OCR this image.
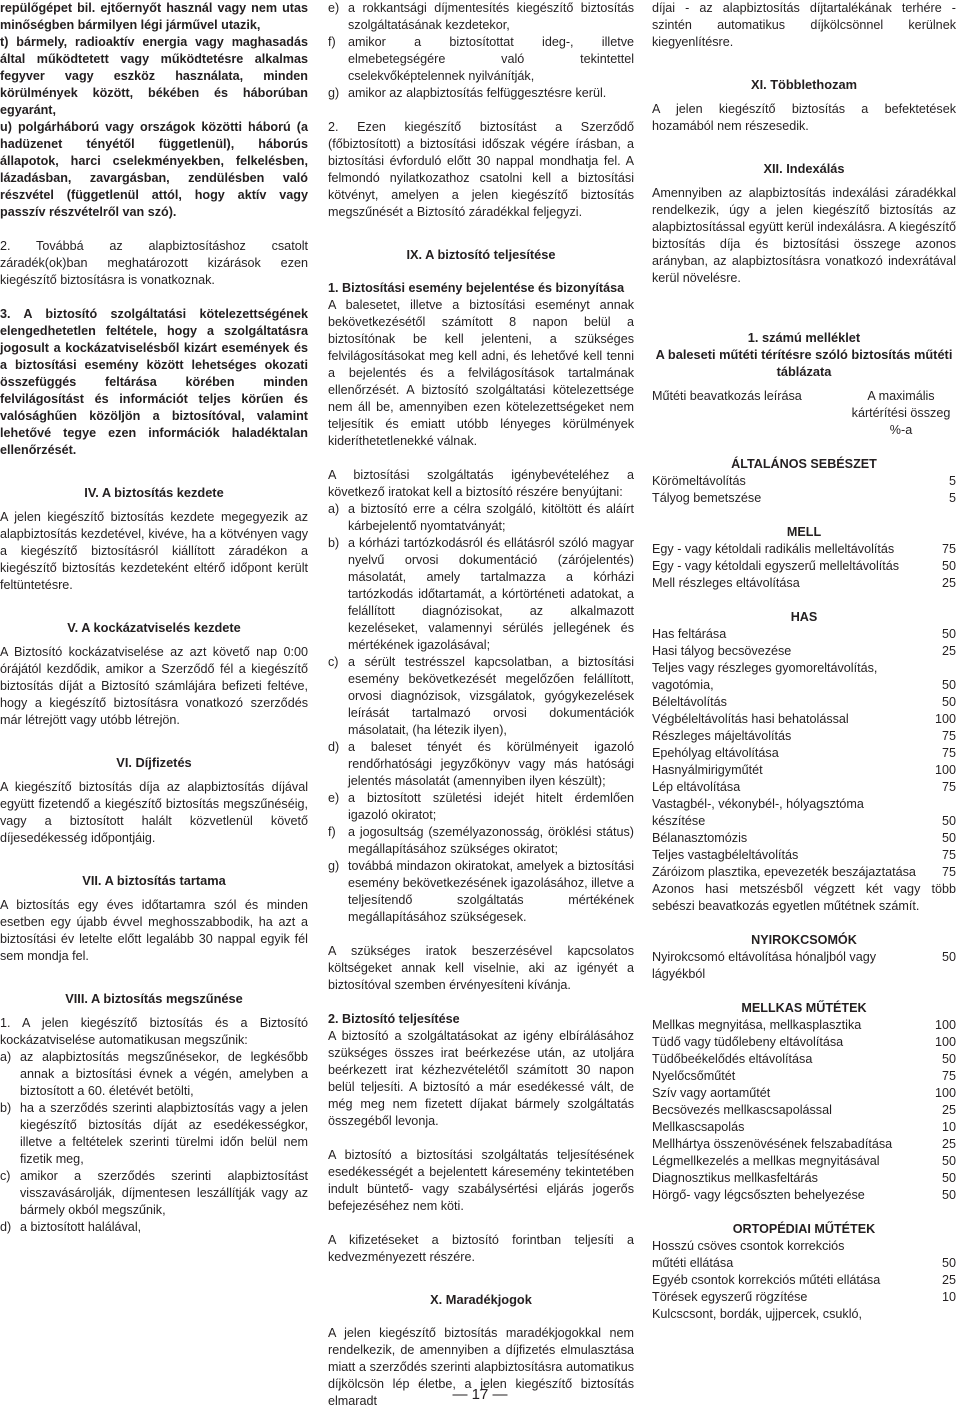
repülőgépet bil. ejtőernyőt használ vagy nem utas minőségben bármilyen légi járművel utazik,

t) bármely, radioaktív energia vagy maghasadás által működtetett vagy működtetésre alkalmas fegyver vagy eszköz használata, minden körülmények között, békében és háborúban egyaránt,

u) polgárháború vagy országok közötti háború (a hadüzenet tényétől függetlenül), háborús állapotok, harci cselekményekben, felkelésben, lázadásban, zavargásban, zendülésben való részvétel (függetlenül attól, hogy aktív vagy passzív részvételről van szó).

2. Továbbá az alapbiztosításhoz csatolt záradék(ok)ban meghatározott kizárások ezen kiegészítő biztosításra is vonatkoznak.

3. A biztosító szolgáltatási kötelezettségének elengedhetetlen feltétele, hogy a szolgáltatásra jogosult a kockázatviselésből kizárt események és a biztosítási esemény között lehetséges okozati összefüggés feltárása körében minden felvilágosítást és információt teljes körűen és valósághűen közöljön a biztosítóval, valamint lehetővé tegye ezen információk haladéktalan ellenőrzését.

IV. A biztosítás kezdete

A jelen kiegészítő biztosítás kezdete megegyezik az alapbiztosítás kezdetével, kivéve, ha a kötvényen vagy a kiegészítő biztosításról kiállított záradékon a kiegészítő biztosítás kezdeteként eltérő időpont került feltüntetésre.

V. A kockázatviselés kezdete

A Biztosító kockázatviselése az azt követő nap 0:00 órájától kezdődik, amikor a Szerződő fél a kiegészítő biztosítás díját a Biztosító számlájára befizeti feltéve, hogy a kiegészítő biztosításra vonatkozó szerződés már létrejött vagy utóbb létrejön.

VI. Díjfizetés

A kiegészítő biztosítás díja az alapbiztosítás díjával együtt fizetendő a kiegészítő biztosítás megszűnéséig, vagy a biztosított halált közvetlenül követő díjesedékesség időpontjáig.

VII. A biztosítás tartama

A biztosítás egy éves időtartamra szól és minden esetben egy újabb évvel meghosszabbodik, ha azt a biztosítási év letelte előtt legalább 30 nappal egyik fél sem mondja fel.

VIII. A biztosítás megszűnése

1. A jelen kiegészítő biztosítás és a Biztosító kockázatviselése automatikusan megszűnik:

a) az alapbiztosítás megszűnésekor, de legkésőbb annak a biztosítási évnek a végén, amelyben a biztosított a 60. életévét betölti,
b) ha a szerződés szerinti alapbiztosítás vagy a jelen kiegészítő biztosítás díját az esedékességkor, illetve a feltételek szerinti türelmi időn belül nem fizetik meg,
c) amikor a szerződés szerinti alapbiztosítást visszavásárolják, díjmentesen leszállítják vagy az bármely okból megszűnik,
d) a biztosított halálával,
e) a rokkantsági díjmentesítés kiegészítő biztosítás szolgáltatásának kezdetekor,
f) amikor a biztosítottat ideg-, illetve elmebetegségére való tekintettel cselekvőképtelennek nyilvánítják,
g) amikor az alapbiztosítás felfüggesztésre kerül.

2. Ezen kiegészítő biztosítást a Szerződő (főbiztosított) a biztosítási időszak végére írásban, a biztosítási évforduló előtt 30 nappal mondhatja fel. A felmondó nyilatkozathoz csatolni kell a biztosítási kötvényt, amelyen a jelen kiegészítő biztosítás megszűnését a Biztosító záradékkal feljegyzi.

IX. A biztosító teljesítése

1. Biztosítási esemény bejelentése és bizonyítása

A balesetet, illetve a biztosítási eseményt annak bekövetkezésétől számított 8 napon belül a biztosítónak be kell jelenteni, a szükséges felvilágosításokat meg kell adni, és lehetővé kell tenni a bejelentés és a felvilágosítások tartalmának ellenőrzését. A biztosító szolgáltatási kötelezettsége nem áll be, amennyiben ezen kötelezettségeket nem teljesítik és emiatt utóbb lényeges körülmények kideríthetetlenekké válnak.

A biztosítási szolgáltatás igénybevételéhez a következő iratokat kell a biztosító részére benyújtani:

a) a biztosító erre a célra szolgáló, kitöltött és aláírt kárbejelentő nyomtatványát;
b) a kórházi tartózkodásról és ellátásról szóló magyar nyelvű orvosi dokumentáció (zárójelentés) másolatát, amely tartalmazza a kórházi tartózkodás időtartamát, a kórtörténeti adatokat, a felállított diagnózisokat, az alkalmazott kezeléseket, valamennyi sérülés jellegének és mértékének igazolásával;
c) a sérült testrésszel kapcsolatban, a biztosítási esemény bekövetkezését megelőzően felállított, orvosi diagnózisok, vizsgálatok, gyógykezelések leírását tartalmazó orvosi dokumentációk másolatait, (ha létezik ilyen),
d) a baleset tényét és körülményeit igazoló rendőrhatósági jegyzőkönyv vagy más hatósági jelentés másolatát (amennyiben ilyen készült);
e) a biztosított születési idejét hitelt érdemlően igazoló okiratot;
f) a jogosultság (személyazonosság, öröklési státus) megállapításához szükséges okiratot;
g) továbbá mindazon okiratokat, amelyek a biztosítási esemény bekövetkezésének igazolásához, illetve a teljesítendő szolgáltatás mértékének megállapításához szükségesek.

A szükséges iratok beszerzésével kapcsolatos költségeket annak kell viselnie, aki az igényét a biztosítóval szemben érvényesíteni kívánja.

2. Biztosító teljesítése

A biztosító a szolgáltatásokat az igény elbírálásához szükséges összes irat beérkezése után, az utoljára beérkezett irat kézhezvételétől számított 30 napon belül teljesíti. A biztosító a már esedékessé vált, de még meg nem fizetett díjakat bármely szolgáltatás összegéből levonja.

A biztosító a biztosítási szolgáltatás teljesítésének esedékességét a bejelentett káresemény tekintetében indult büntető- vagy szabálysértési eljárás jogerős befejezéséhez nem köti.

A kifizetéseket a biztosító forintban teljesíti a kedvezményezett részére.

X. Maradékjogok

A jelen kiegészítő biztosítás maradékjogokkal nem rendelkezik, de amennyiben a díjfizetés elmulasztása miatt a szerződés szerinti alapbiztosításra automatikus díjkölcsön lép életbe, a jelen kiegészítő biztosítás elmaradt

díjai - az alapbiztosítás díjtartalékának terhére - szintén automatikus díjkölcsönnel kerülnek kiegyenlítésre.

XI. Többlethozam

A jelen kiegészítő biztosítás a befektetések hozamából nem részesedik.

XII. Indexálás

Amennyiben az alapbiztosítás indexálási záradékkal rendelkezik, úgy a jelen kiegészítő biztosítás az alapbiztosítással együtt kerül indexálásra. A kiegészítő biztosítás díja és biztosítási összege azonos arányban, az alapbiztosításra vonatkozó indexrátával kerül növelésre.

1. számú melléklet

A baleseti műtéti térítésre szóló biztosítás műtéti táblázata

Műtéti beavatkozás leírása	A maximális kártérítési összeg %-a

ÁLTALÁNOS SEBÉSZET

Körömeltávolítás	5
Tályog bemetszése	5

MELL

Egy - vagy kétoldali radikális melleltávolítás	75
Egy - vagy kétoldali egyszerű melleltávolítás	50
Mell részleges eltávolítása	25

HAS

Has feltárása	50
Hasi tályog becsövezése	25
Teljes vagy részleges gyomoreltávolítás,
vagotómia,	50
Béleltávolítás	50
Végbéleltávolítás hasi behatolással	100
Részleges májeltávolítás	75
Epehólyag eltávolítása	75
Hasnyálmirigyműtét	100
Lép eltávolítása	75
Vastagbél-, vékonybél-, hólyagsztóma
készítése	50
Bélanasztomózis	50
Teljes vastagbéleltávolítás	75
Záróizom plasztika, epevezeték beszájaztatása	75

Azonos hasi metszésből végzett két vagy több sebészi beavatkozás egyetlen műtétnek számít.

NYIROKCSOMÓK

Nyirokcsomó eltávolítása hónaljból vagy lágyékból
50

MELLKAS MŰTÉTEK

Mellkas megnyitása, mellkasplasztika	100
Tüdő vagy tüdőlebeny eltávolítása	100
Tüdőbeékelődés eltávolítása	50
Nyelőcsőműtét	75
Szív vagy aortaműtét	100
Becsövezés mellkascsapolással	25
Mellkascsapolás	10
Mellhártya összenövésének felszabadítása	25
Légmellkezelés a mellkas megnyitásával	50
Diagnosztikus mellkasfeltárás	50
Hörgő- vagy légcsőszten behelyezése	50

ORTOPÉDIAI MŰTÉTEK

Hosszú csöves csontok korrekciós
műtéti ellátása	50
Egyéb csontok korrekciós műtéti ellátása	25
Törések egyszerű rögzítése	10
Kulcscsont, bordák, ujjpercek, csukló,
— 17 —
